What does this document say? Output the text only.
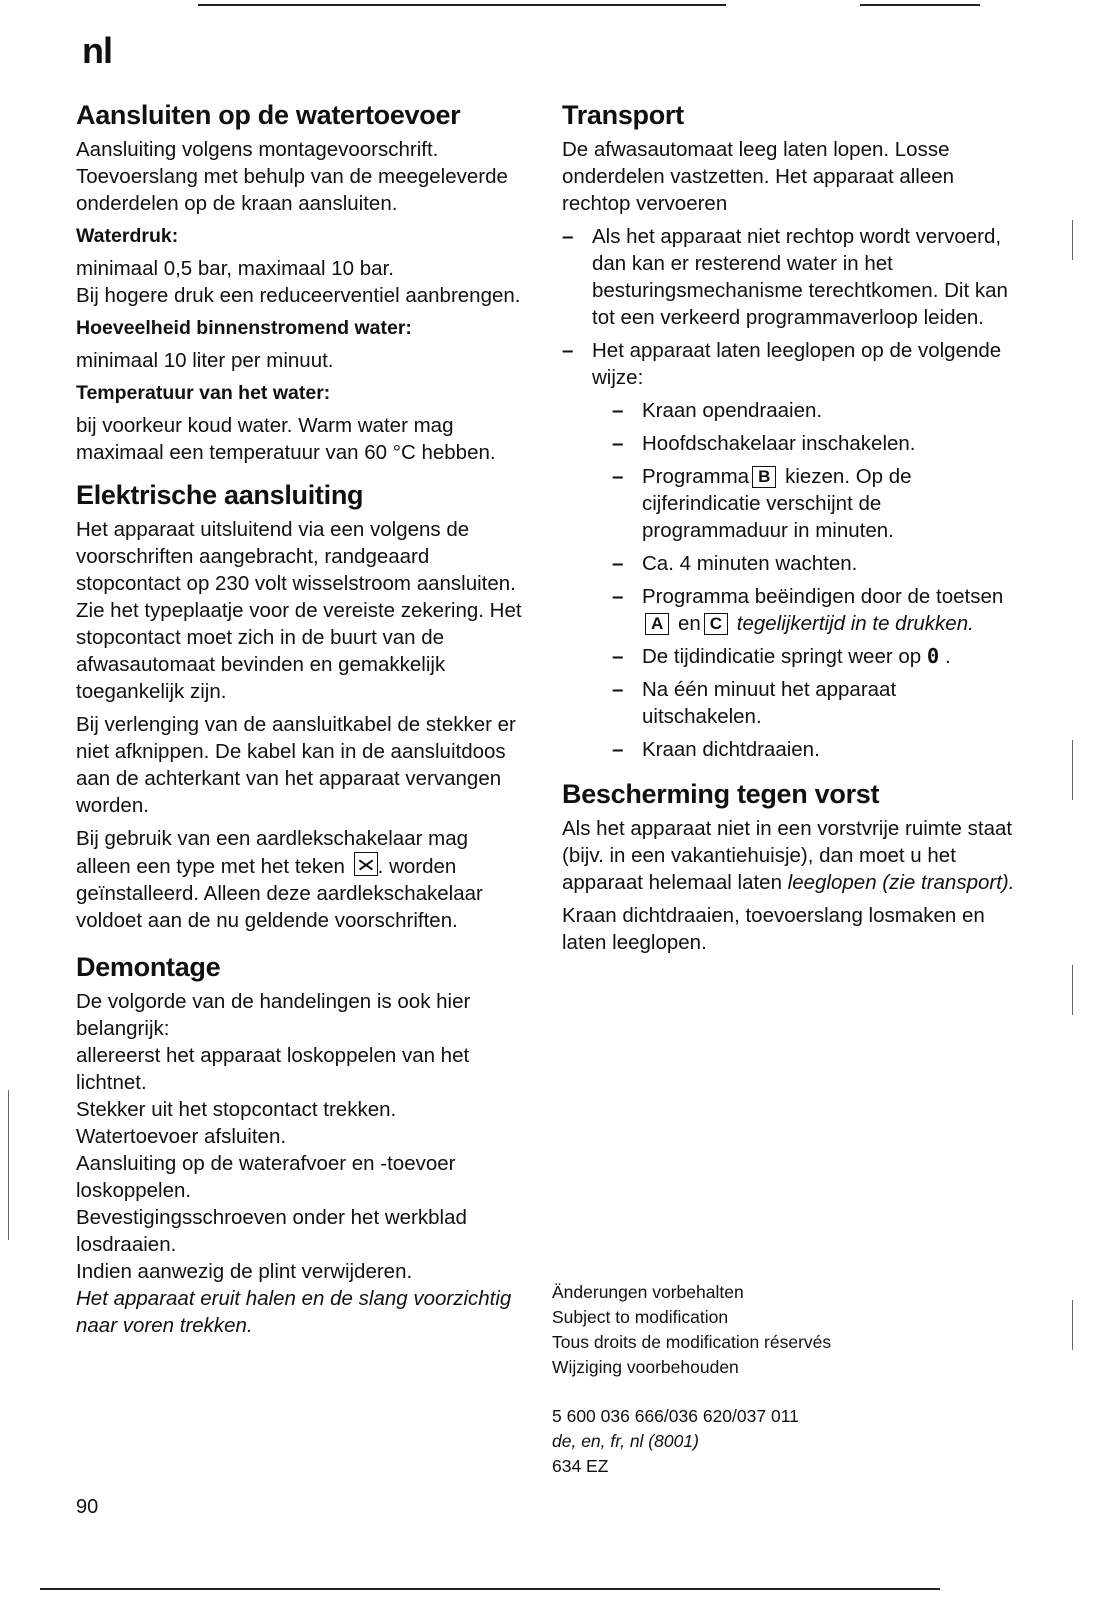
nl
Aansluiten op de watertoevoer

Aansluiting volgens montagevoorschrift. Toevoerslang met behulp van de meegeleverde onderdelen op de kraan aansluiten.

Waterdruk:

minimaal 0,5 bar, maximaal 10 bar.

Bij hogere druk een reduceerventiel aanbrengen.

Hoeveelheid binnenstromend water:

minimaal 10 liter per minuut.

Temperatuur van het water:

bij voorkeur koud water. Warm water mag maximaal een temperatuur van 60 °C hebben.

Elektrische aansluiting

Het apparaat uitsluitend via een volgens de voorschriften aangebracht, randgeaard stopcontact op 230 volt wisselstroom aansluiten. Zie het typeplaatje voor de vereiste zekering. Het stopcontact moet zich in de buurt van de afwasautomaat bevinden en gemakkelijk toegankelijk zijn.

Bij verlenging van de aansluitkabel de stekker er niet afknippen. De kabel kan in de aansluitdoos aan de achterkant van het apparaat vervangen worden.

Bij gebruik van een aardlekschakelaar mag alleen een type met het teken . worden geïnstalleerd. Alleen deze aardlekschakelaar voldoet aan de nu geldende voorschriften.

Demontage

De volgorde van de handelingen is ook hier belangrijk:

allereerst het apparaat loskoppelen van het lichtnet.

Stekker uit het stopcontact trekken.

Watertoevoer afsluiten.

Aansluiting op de waterafvoer en -toevoer loskoppelen.

Bevestigingsschroeven onder het werkblad losdraaien.

Indien aanwezig de plint verwijderen.

Het apparaat eruit halen en de slang voorzichtig naar voren trekken.

90
Transport

De afwasautomaat leeg laten lopen. Losse onderdelen vastzetten. Het apparaat alleen rechtop vervoeren

– Als het apparaat niet rechtop wordt vervoerd, dan kan er resterend water in het besturingsmechanisme terechtkomen. Dit kan tot een verkeerd programmaverloop leiden.
– Het apparaat laten leeglopen op de volgende wijze:
– Kraan opendraaien.
– Hoofdschakelaar inschakelen.
– Programma B kiezen. Op de cijferindicatie verschijnt de programmaduur in minuten.
– Ca. 4 minuten wachten.
– Programma beëindigen door de toetsenA en C tegelijkertijd in te drukken.
– De tijdindicatie springt weer op 0 .
– Na één minuut het apparaat uitschakelen.
– Kraan dichtdraaien.
Bescherming tegen vorst

Als het apparaat niet in een vorstvrije ruimte staat (bijv. in een vakantiehuisje), dan moet u het apparaat helemaal laten leeglopen (zie transport).

Kraan dichtdraaien, toevoerslang losmaken en laten leeglopen.

Änderungen vorbehalten

Subject to modification

Tous droits de modification réservés

Wijziging voorbehouden

5 600 036 666/036 620/037 011

de, en, fr, nl (8001)

634 EZ
